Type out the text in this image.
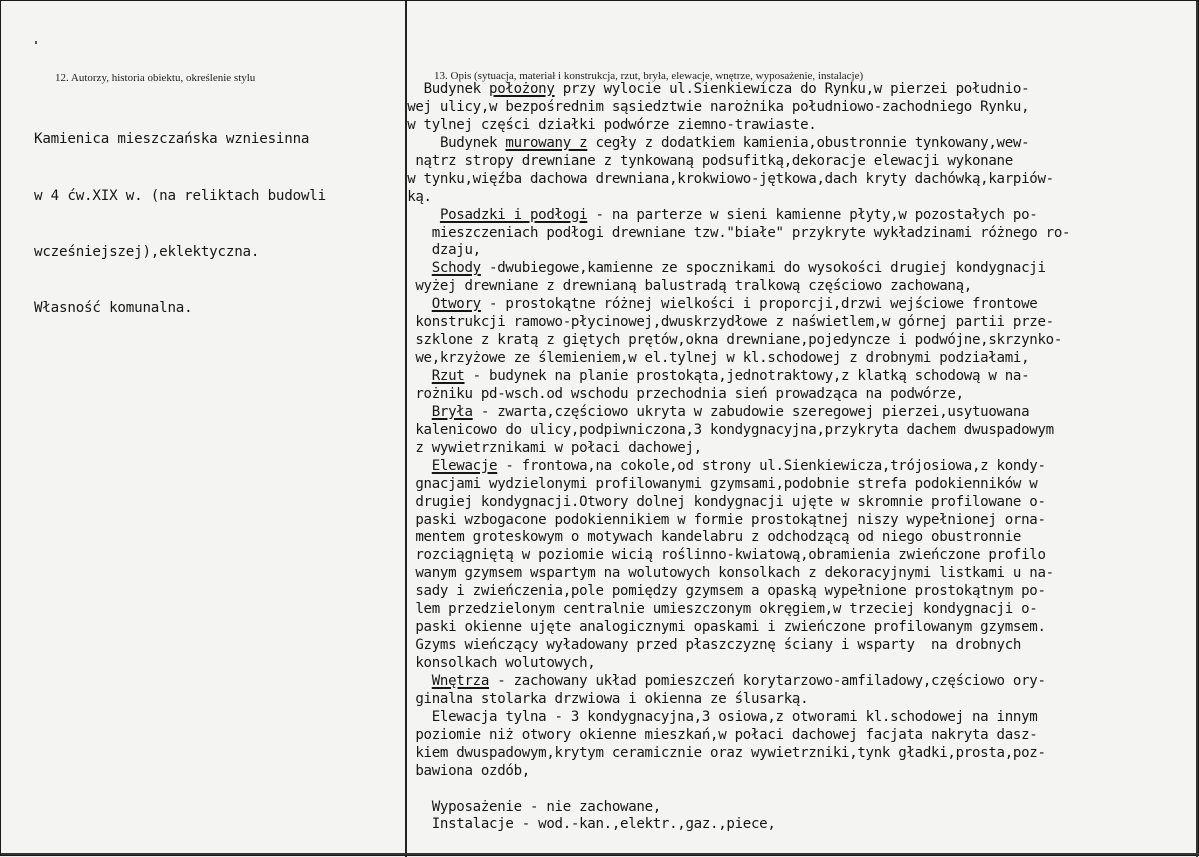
12. Autorzy, historia obiektu, określenie stylu

Kamienica mieszczańska wzniesinna

w 4 ćw.XIX w. (na reliktach budowli

wcześniejszej),eklektyczna.

Własność komunalna.

13. Opis (sytuacja, materiał i konstrukcja, rzut, bryła, elewacje, wnętrze, wyposażenie, instalacje)
Budynek położony przy wylocie ul.Sienkiewicza do Rynku,w pierzei południo-
wej ulicy,w bezpośrednim sąsiedztwie narożnika południowo-zachodniego Rynku,
w tylnej części działki podwórze ziemno-trawiaste.
Budynek murowany z cegły z dodatkiem kamienia,obustronnie tynkowany,wew-
nątrz stropy drewniane z tynkowaną podsufitką,dekoracje elewacji wykonane
w tynku,więźba dachowa drewniana,krokwiowo-jętkowa,dach kryty dachówką,karpiów-
ką.
Posadzki i podłogi - na parterze w sieni kamienne płyty,w pozostałych po-
mieszczeniach podłogi drewniane tzw."białe" przykryte wykładzinami różnego ro-
dzaju,
Schody -dwubiegowe,kamienne ze spocznikami do wysokości drugiej kondygnacji
wyżej drewniane z drewnianą balustradą tralkową częściowo zachowaną,
Otwory - prostokątne różnej wielkości i proporcji,drzwi wejściowe frontowe
konstrukcji ramowo-płycinowej,dwuskrzydłowe z naświetlem,w górnej partii prze-
szklone z kratą z giętych prętów,okna drewniane,pojedyncze i podwójne,skrzynko-
we,krzyżowe ze ślemieniem,w el.tylnej w kl.schodowej z drobnymi podziałami,
Rzut - budynek na planie prostokąta,jednotraktowy,z klatką schodową w na-
rożniku pd-wsch.od wschodu przechodnia sień prowadząca na podwórze,
Bryła - zwarta,częściowo ukryta w zabudowie szeregowej pierzei,usytuowana
kalenicowo do ulicy,podpiwniczona,3 kondygnacyjna,przykryta dachem dwuspadowym
z wywietrznikami w połaci dachowej,
Elewacje - frontowa,na cokole,od strony ul.Sienkiewicza,trójosiowa,z kondy-
gnacjami wydzielonymi profilowanymi gzymsami,podobnie strefa podokienników w
drugiej kondygnacji.Otwory dolnej kondygnacji ujęte w skromnie profilowane o-
paski wzbogacone podokiennikiem w formie prostokątnej niszy wypełnionej orna-
mentem groteskowym o motywach kandelabru z odchodzącą od niego obustronnie
rozciągniętą w poziomie wicią roślinno-kwiatową,obramienia zwieńczone profilo
wanym gzymsem wspartym na wolutowych konsolkach z dekoracyjnymi listkami u na-
sady i zwieńczenia,pole pomiędzy gzymsem a opaską wypełnione prostokątnym po-
lem przedzielonym centralnie umieszczonym okręgiem,w trzeciej kondygnacji o-
paski okienne ujęte analogicznymi opaskami i zwieńczone profilowanym gzymsem.
Gzyms wieńczący wyładowany przed płaszczyznę ściany i wsparty  na drobnych
konsolkach wolutowych,
Wnętrza - zachowany układ pomieszczeń korytarzowo-amfiladowy,częściowo ory-
ginalna stolarka drzwiowa i okienna ze ślusarką.
Elewacja tylna - 3 kondygnacyjna,3 osiowa,z otworami kl.schodowej na innym
poziomie niż otwory okienne mieszkań,w połaci dachowej facjata nakryta dasz-
kiem dwuspadowym,krytym ceramicznie oraz wywietrzniki,tynk gładki,prosta,poz-
bawiona ozdób,
Wyposażenie - nie zachowane,
Instalacje - wod.-kan.,elektr.,gaz.,piece,
